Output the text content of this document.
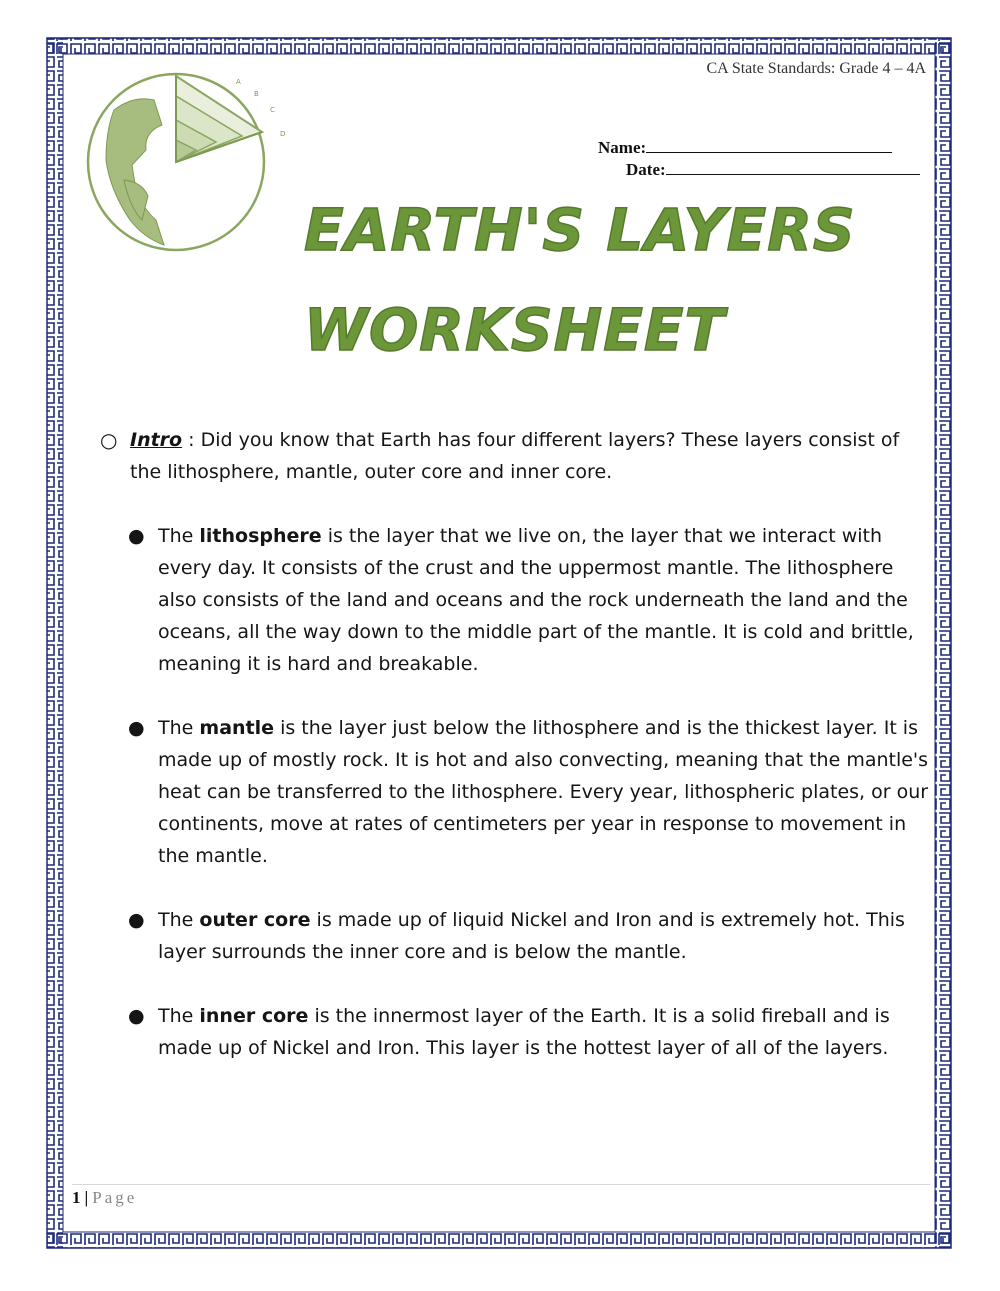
CA State Standards: Grade 4 – 4A
A
B
C
D
Name:
Date:
EARTH'S LAYERS
WORKSHEET
○ Intro : Did you know that Earth has four different layers? These layers consist of the lithosphere, mantle, outer core and inner core.
● The lithosphere is the layer that we live on, the layer that we interact with every day. It consists of the crust and the uppermost mantle. The lithosphere also consists of the land and oceans and the rock underneath the land and the oceans, all the way down to the middle part of the mantle. It is cold and brittle, meaning it is hard and breakable.
● The mantle is the layer just below the lithosphere and is the thickest layer. It is made up of mostly rock. It is hot and also convecting, meaning that the mantle's heat can be transferred to the lithosphere. Every year, lithospheric plates, or our continents, move at rates of centimeters per year in response to movement in the mantle.
● The outer core is made up of liquid Nickel and Iron and is extremely hot. This layer surrounds the inner core and is below the mantle.
● The inner core is the innermost layer of the Earth. It is a solid fireball and is made up of Nickel and Iron. This layer is the hottest layer of all of the layers.
1 | Page
